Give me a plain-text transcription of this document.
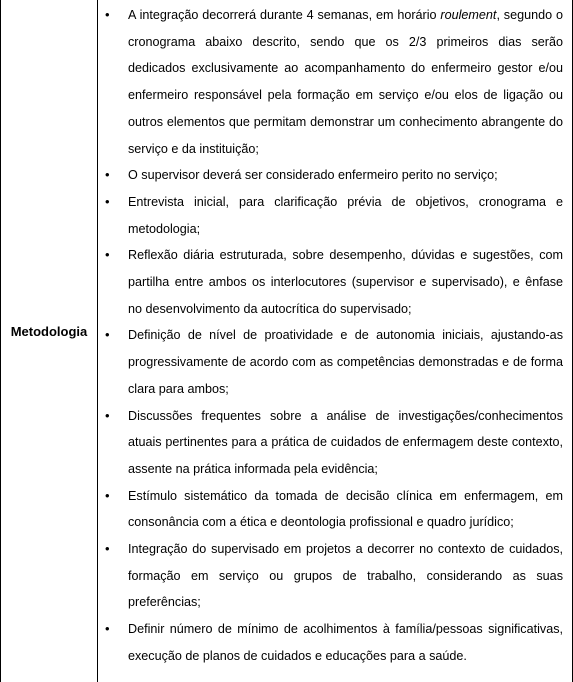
Metodologia
• A integração decorrerá durante 4 semanas, em horário roulement, segundo o cronograma abaixo descrito, sendo que os 2/3 primeiros dias serão dedicados exclusivamente ao acompanhamento do enfermeiro gestor e/ou enfermeiro responsável pela formação em serviço e/ou elos de ligação ou outros elementos que permitam demonstrar um conhecimento abrangente do serviço e da instituição;
• O supervisor deverá ser considerado enfermeiro perito no serviço;
• Entrevista inicial, para clarificação prévia de objetivos, cronograma e metodologia;
• Reflexão diária estruturada, sobre desempenho, dúvidas e sugestões, com partilha entre ambos os interlocutores (supervisor e supervisado), e ênfase no desenvolvimento da autocrítica do supervisado;
• Definição de nível de proatividade e de autonomia iniciais, ajustando-as progressivamente de acordo com as competências demonstradas e de forma clara para ambos;
• Discussões frequentes sobre a análise de investigações/conhecimentos atuais pertinentes para a prática de cuidados de enfermagem deste contexto, assente na prática informada pela evidência;
• Estímulo sistemático da tomada de decisão clínica em enfermagem, em consonância com a ética e deontologia profissional e quadro jurídico;
• Integração do supervisado em projetos a decorrer no contexto de cuidados, formação em serviço ou grupos de trabalho, considerando as suas preferências;
• Definir número de mínimo de acolhimentos à família/pessoas significativas, execução de planos de cuidados e educações para a saúde.
